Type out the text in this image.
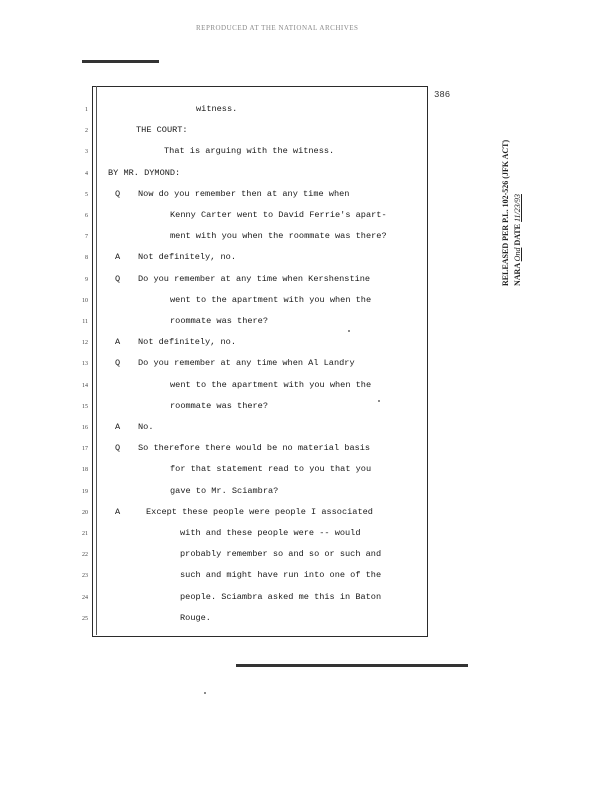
REPRODUCED AT THE NATIONAL ARCHIVES
386
1	witness.
2	THE COURT:
3	That is arguing with the witness.
4 BY MR. DYMOND:
5	Q Now do you remember then at any time when
6	Kenny Carter went to David Ferrie's apart-
7	ment with you when the roommate was there?
8	A Not definitely, no.
9	Q Do you remember at any time when Kershenstine
10	went to the apartment with you when the
11	roommate was there?
12	A Not definitely, no.
13	Q Do you remember at any time when Al Landry
14	went to the apartment with you when the
15	roommate was there?
16	A No.
17	Q So therefore there would be no material basis
18	for that statement read to you that you
19	gave to Mr. Sciambra?
20	A	Except these people were people I associated
21	with and these people were -- would
22	probably remember so and so or such and
23	such and might have run into one of the
24	people. Sciambra asked me this in Baton
25	Rouge.
RELEASED PER P.L. 102-526 (JFK ACT) NARA Ond DATE 11/23/93
